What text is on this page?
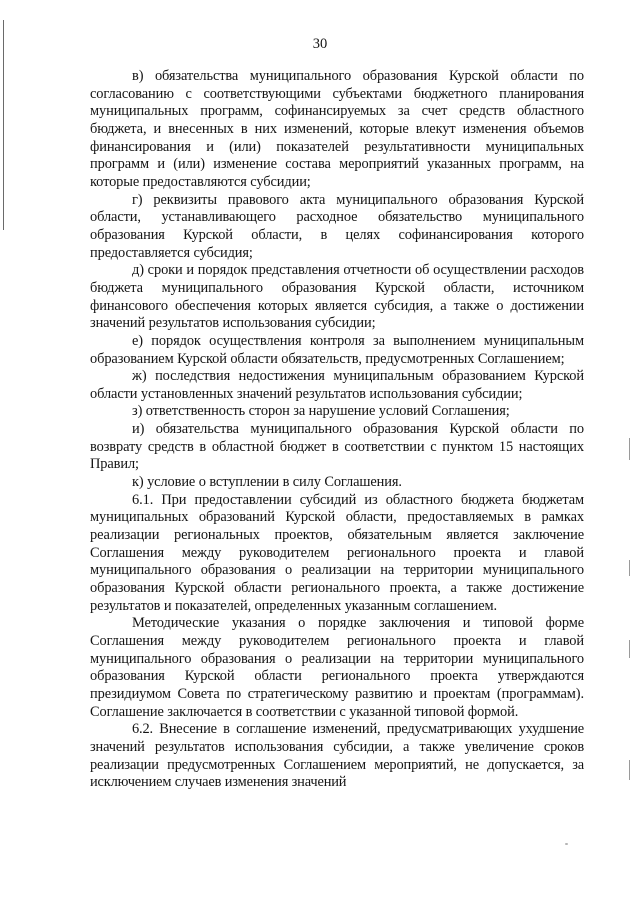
30

в) обязательства муниципального образования Курской области по согласованию с соответствующими субъектами бюджетного планирования муниципальных программ, софинансируемых за счет средств областного бюджета, и внесенных в них изменений, которые влекут изменения объемов финансирования и (или) показателей результативности муниципальных программ и (или) изменение состава мероприятий указанных программ, на которые предоставляются субсидии;

г) реквизиты правового акта муниципального образования Курской области, устанавливающего расходное обязательство муниципального образования Курской области, в целях софинансирования которого предоставляется субсидия;

д) сроки и порядок представления отчетности об осуществлении расходов бюджета муниципального образования Курской области, источником финансового обеспечения которых является субсидия, а также о достижении значений результатов использования субсидии;

е) порядок осуществления контроля за выполнением муниципальным образованием Курской области обязательств, предусмотренных Соглашением;

ж) последствия недостижения муниципальным образованием Курской области установленных значений результатов использования субсидии;

з) ответственность сторон за нарушение условий Соглашения;

и) обязательства муниципального образования Курской области по возврату средств в областной бюджет в соответствии с пунктом 15 настоящих Правил;

к) условие о вступлении в силу Соглашения.

6.1. При предоставлении субсидий из областного бюджета бюджетам муниципальных образований Курской области, предоставляемых в рамках реализации региональных проектов, обязательным является заключение Соглашения между руководителем регионального проекта и главой муниципального образования о реализации на территории муниципального образования Курской области регионального проекта, а также достижение результатов и показателей, определенных указанным соглашением.

Методические указания о порядке заключения и типовой форме Соглашения между руководителем регионального проекта и главой муниципального образования о реализации на территории муниципального образования Курской области регионального проекта утверждаются президиумом Совета по стратегическому развитию и проектам (программам). Соглашение заключается в соответствии с указанной типовой формой.

6.2. Внесение в соглашение изменений, предусматривающих ухудшение значений результатов использования субсидии, а также увеличение сроков реализации предусмотренных Соглашением мероприятий, не допускается, за исключением случаев изменения значений
